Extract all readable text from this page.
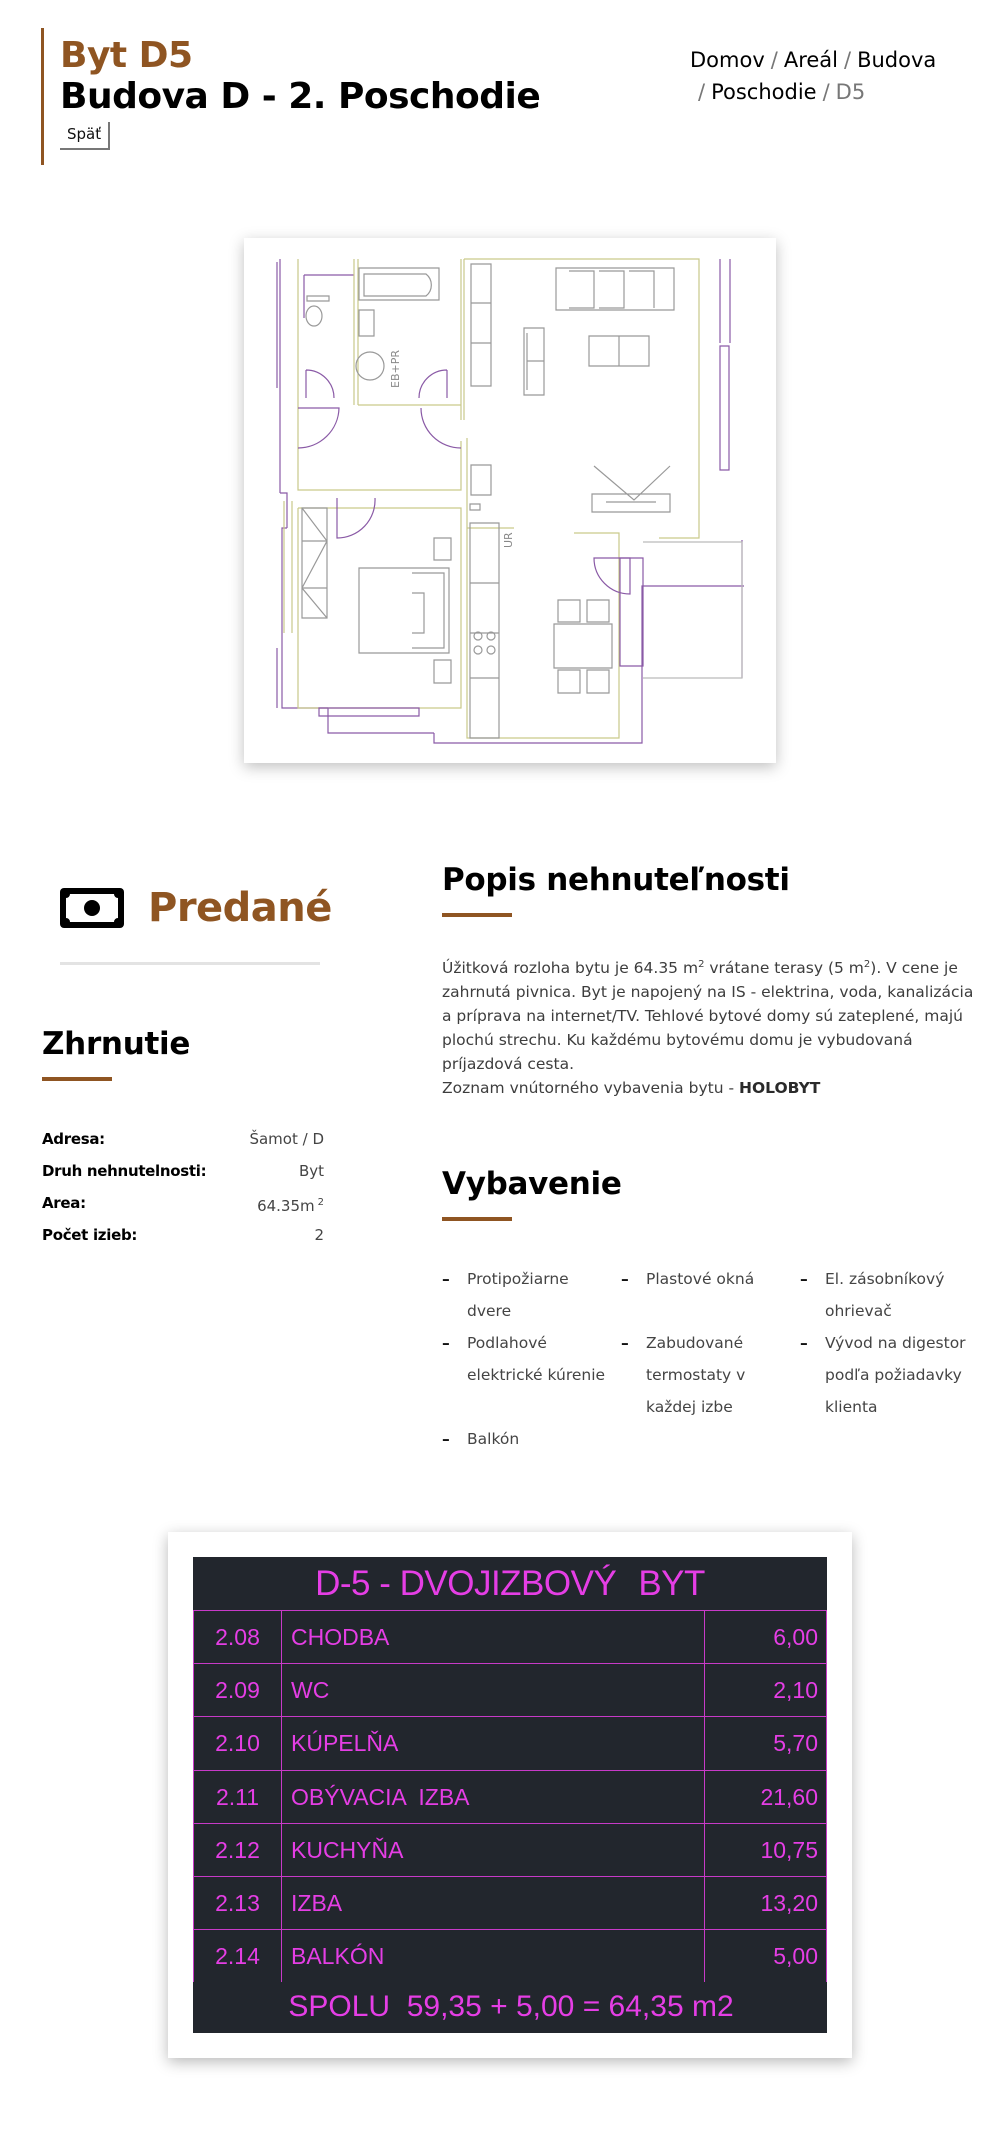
Byt D5
Budova D - 2. Poschodie
Späť
Domov / Areál / Budova
/ Poschodie / D5
EB+PR
UR
Predané
Zhrnutie
Adresa:	Šamot / D
Druh nehnutelnosti:	Byt
Area:	64.35m $^2$
Počet izieb:	2
Popis nehnuteľnosti

Úžitková rozloha bytu je 64.35 $m^2$ vrátane terasy (5 $m^2$). V cene je zahrnutá pivnica. Byt je napojený na IS - elektrina, voda, kanalizácia a príprava na internet/TV. Tehlové bytové domy sú zateplené, majú plochú strechu. Ku každému bytovému domu je vybudovaná príjazdová cesta.
Zoznam vnútorného vybavenia bytu - HOLOBYT

Vybavenie
–	Protipožiarne dvere
–	Plastové okná	–	El. zásobníkový ohrievač
–	Podlahové elektrické kúrenie
–	Zabudované termostaty v každej izbe
–	Vývod na digestor podľa požiadavky klienta
–	Balkón
D-5 - DVOJIZBOVÝ BYT
2.08	CHODBA	6,00
2.09	WC	2,10
2.10	KÚPELŇA	5,70
2.11	OBÝVACIA  IZBA	21,60
2.12	KUCHYŇA	10,75
2.13	IZBA	13,20
2.14	BALKÓN	5,00
SPOLU  59,35 + 5,00 = 64,35 m2
